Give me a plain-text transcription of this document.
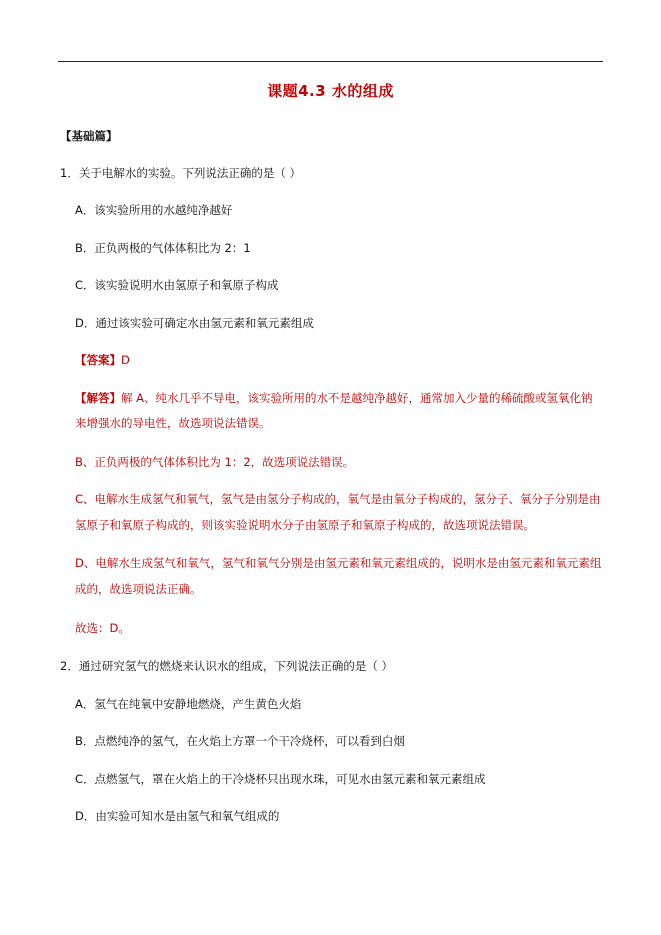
课题4.3 水的组成
【基础篇】
1．关于电解水的实验。下列说法正确的是（ ）
A．该实验所用的水越纯净越好
B．正负两极的气体体积比为 2：1
C．该实验说明水由氢原子和氧原子构成
D．通过该实验可确定水由氢元素和氧元素组成
【答案】D
【解答】解 A、纯水几乎不导电，该实验所用的水不是越纯净越好，通常加入少量的稀硫酸或氢氧化钠
来增强水的导电性，故选项说法错误。
B、正负两极的气体体积比为 1：2，故选项说法错误。
C、电解水生成氢气和氧气，氢气是由氢分子构成的，氧气是由氧分子构成的，氢分子、氧分子分别是由
氢原子和氧原子构成的，则该实验说明水分子由氢原子和氧原子构成的，故选项说法错误。
D、电解水生成氢气和氧气，氢气和氧气分别是由氢元素和氧元素组成的，说明水是由氢元素和氧元素组
成的，故选项说法正确。
故选：D。
2．通过研究氢气的燃烧来认识水的组成，下列说法正确的是（ ）
A．氢气在纯氧中安静地燃烧，产生黄色火焰
B．点燃纯净的氢气，在火焰上方罩一个干冷烧杯，可以看到白烟
C．点燃氢气，罩在火焰上的干冷烧杯只出现水珠，可见水由氢元素和氧元素组成
D．由实验可知水是由氢气和氧气组成的
